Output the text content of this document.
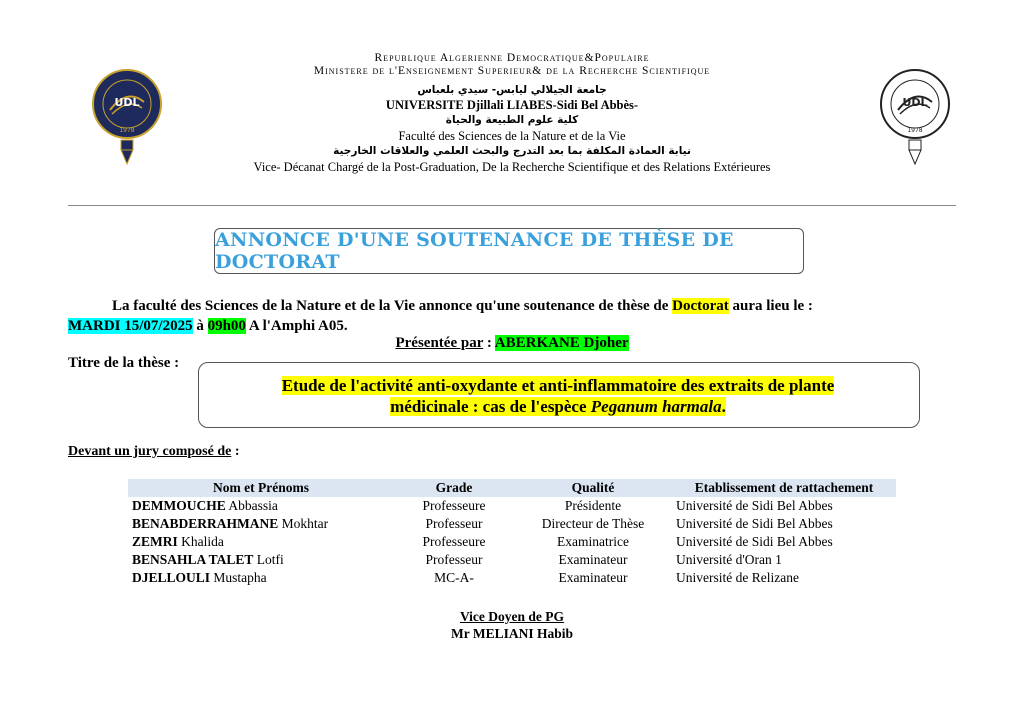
UDL
1978
UDL
1978
Republique Algerienne Democratique&Populaire
Ministere de l'Enseignement Superieur& de la Recherche Scientifique
جامعة الجيلالي ليابس- سيدي بلعباس
UNIVERSITE Djillali LIABES-Sidi Bel Abbès-
كلية علوم الطبيعة والحياة
Faculté des Sciences de la Nature et de la Vie
نيابة العمادة المكلفة بما بعد التدرج والبحث العلمي والعلاقات الخارجية
Vice- Décanat Chargé de la Post-Graduation, De la Recherche Scientifique et des Relations Extérieures
ANNONCE D'UNE SOUTENANCE DE THÈSE DE DOCTORAT
La faculté des Sciences de la Nature et de la Vie annonce qu'une soutenance de thèse de Doctorat aura lieu le :
MARDI 15/07/2025 à 09h00 A l'Amphi A05.
Présentée par : ABERKANE Djoher
Titre de la thèse :
Etude de l'activité anti-oxydante et anti-inflammatoire des extraits de plante
médicinale : cas de l'espèce Peganum harmala.
Devant un jury composé de :
Nom et Prénoms	Grade	Qualité	Etablissement de rattachement
DEMMOUCHE Abbassia	Professeure	Présidente	Université de Sidi Bel Abbes
BENABDERRAHMANE Mokhtar	Professeur	Directeur de Thèse	Université de Sidi Bel Abbes
ZEMRI Khalida	Professeure	Examinatrice	Université de Sidi Bel Abbes
BENSAHLA TALET Lotfi	Professeur	Examinateur	Université d'Oran 1
DJELLOULI Mustapha	MC-A-	Examinateur	Université de Relizane
Vice Doyen de PG
Mr MELIANI Habib
